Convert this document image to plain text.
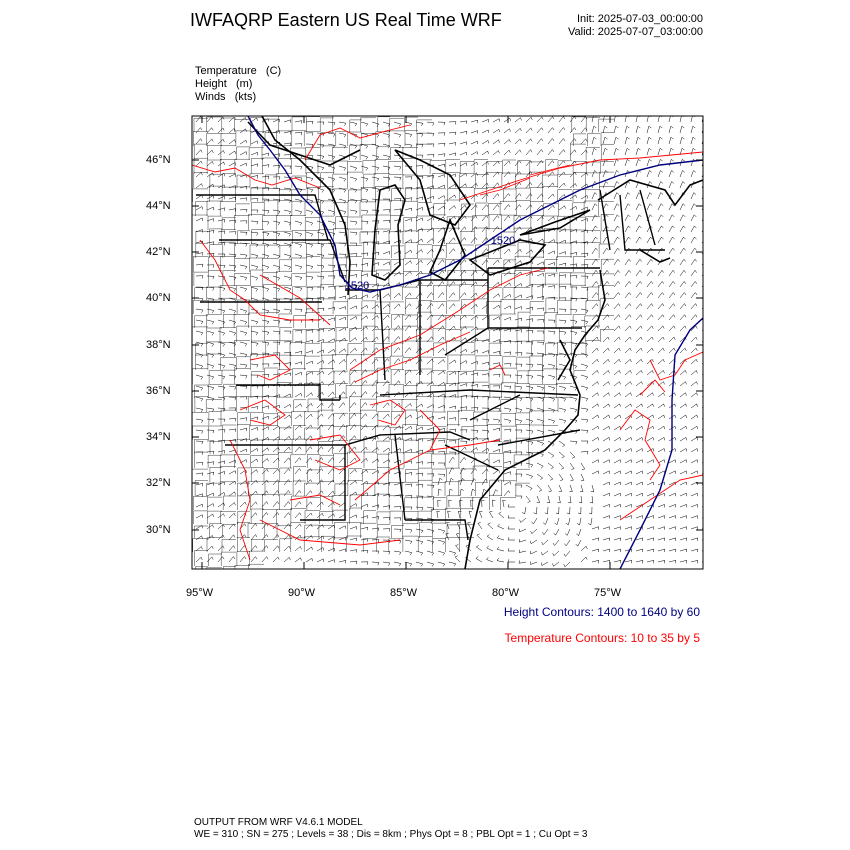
IWFAQRP Eastern US Real Time WRF	Init: 2025-07-03_00:00:00
Valid: 2025-07-07_03:00:00
Temperature   (C)
Height   (m)
Winds   (kts)
1520
1520
46°N
44°N
42°N
40°N
38°N
36°N
34°N
32°N
30°N
95°W	90°W	85°W	80°W	75°W
Height Contours: 1400 to 1640 by 60
Temperature Contours: 10 to 35 by 5
OUTPUT FROM WRF V4.6.1 MODEL
WE = 310 ; SN = 275 ; Levels = 38 ; Dis = 8km ; Phys Opt = 8 ; PBL Opt = 1 ; Cu Opt = 3
